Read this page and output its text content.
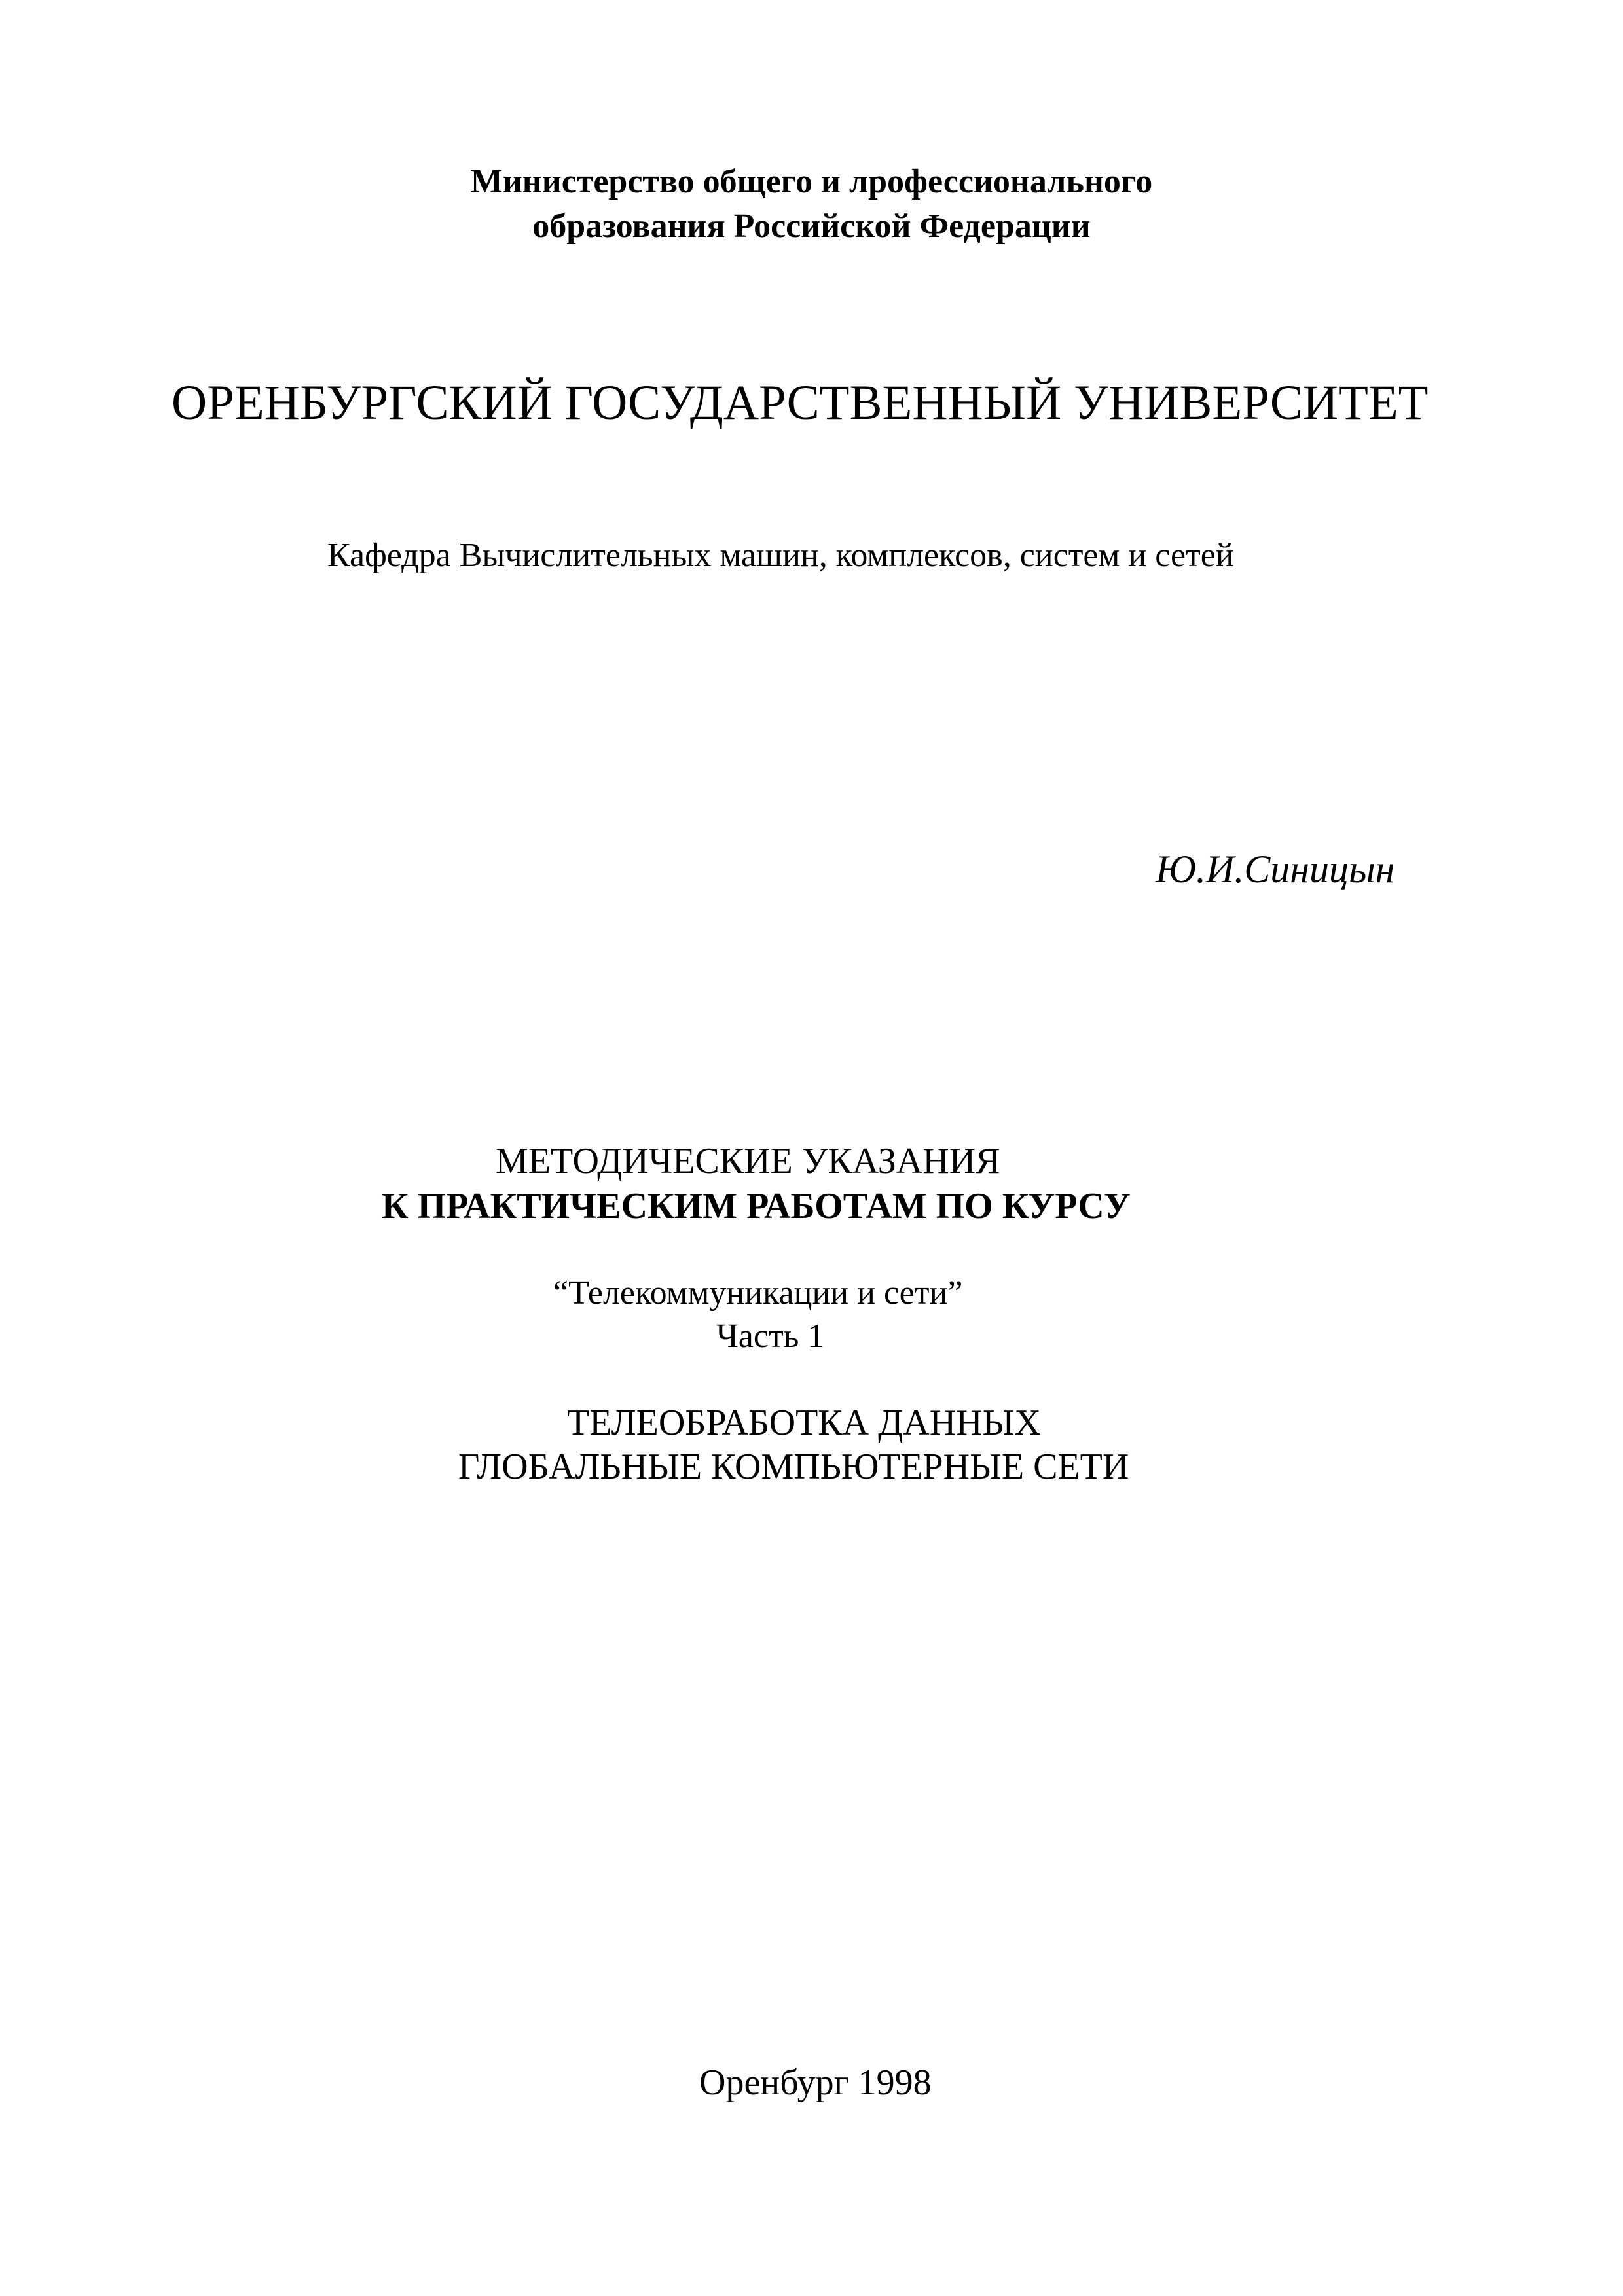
Министерство общего и лрофессионального

образования Российской Федерации

ОРЕНБУРГСКИЙ ГОСУДАРСТВЕННЫЙ УНИВЕРСИТЕТ

Кафедра Вычислительных машин, комплексов, систем и сетей

Ю.И.Синицын

МЕТОДИЧЕСКИЕ УКАЗАНИЯ

К ПРАКТИЧЕСКИМ РАБОТАМ ПО КУРСУ

“Телекоммуникации и сети”

Часть 1

ТЕЛЕОБРАБОТКА ДАННЫХ

ГЛОБАЛЬНЫЕ КОМПЬЮТЕРНЫЕ СЕТИ

Оренбург 1998
